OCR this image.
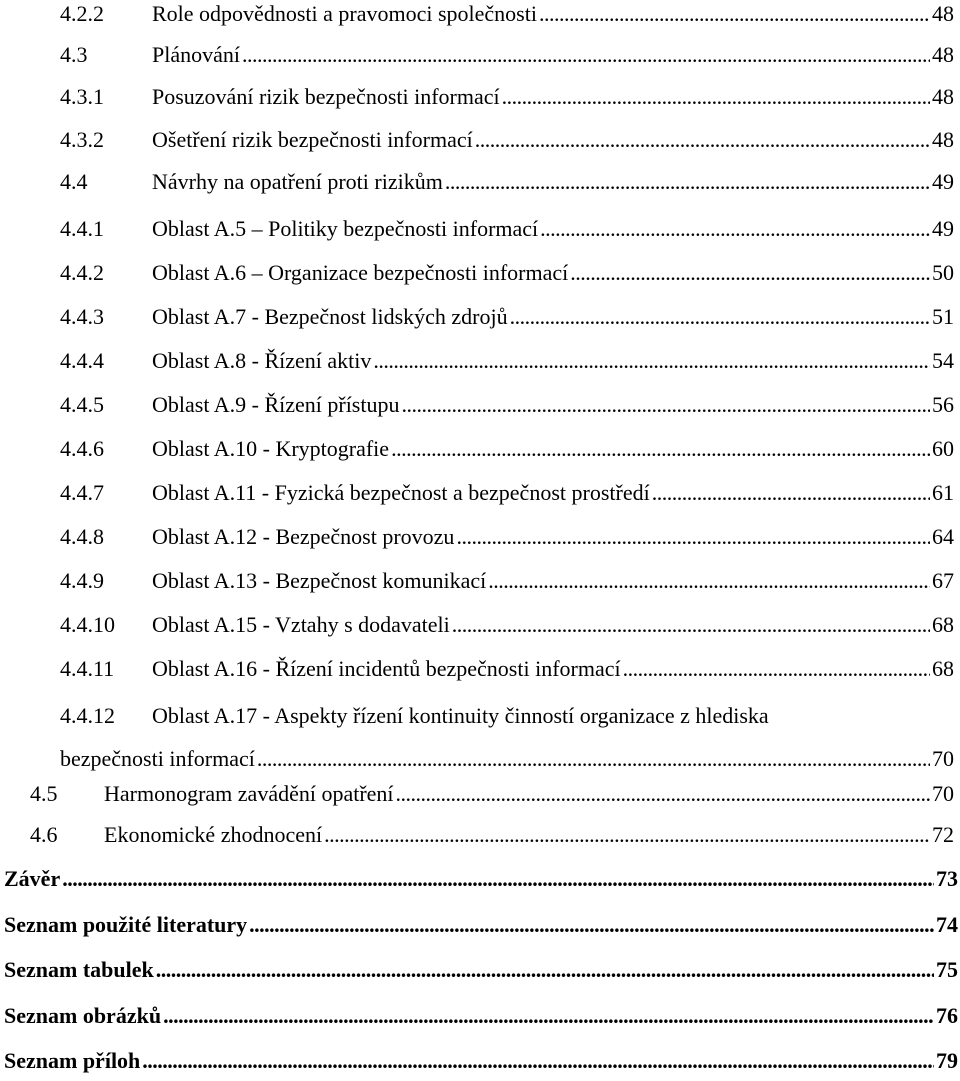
4.2.2	Role odpovědnosti a pravomoci společnosti . . .	48
4.3	Plánování . . .	48
4.3.1	Posuzování rizik bezpečnosti informací . . .	48
4.3.2	Ošetření rizik bezpečnosti informací . . .	48
4.4	Návrhy na opatření proti rizikům . . .	49
4.4.1	Oblast A.5 – Politiky bezpečnosti informací . . .	49
4.4.2	Oblast A.6 – Organizace bezpečnosti informací . . .	50
4.4.3	Oblast A.7 - Bezpečnost lidských zdrojů . . .	51
4.4.4	Oblast A.8 - Řízení aktiv . . .	54
4.4.5	Oblast A.9 - Řízení přístupu . . .	56
4.4.6	Oblast A.10 - Kryptografie . . .	60
4.4.7	Oblast A.11 - Fyzická bezpečnost a bezpečnost prostředí . . .	61
4.4.8	Oblast A.12 - Bezpečnost provozu . . .	64
4.4.9	Oblast A.13 - Bezpečnost komunikací . . .	67
4.4.10	Oblast A.15 - Vztahy s dodavateli . . .	68
4.4.11	Oblast A.16 - Řízení incidentů bezpečnosti informací . . .	68
4.4.12	Oblast A.17 - Aspekty řízení kontinuity činností organizace z hlediska
bezpečnosti informací . . .	70
4.5	Harmonogram zavádění opatření . . .	70
4.6	Ekonomické zhodnocení . . .	72
Závěr . . .	73
Seznam použité literatury . . .	74
Seznam tabulek . . .	75
Seznam obrázků . . .	76
Seznam příloh . . .	79
